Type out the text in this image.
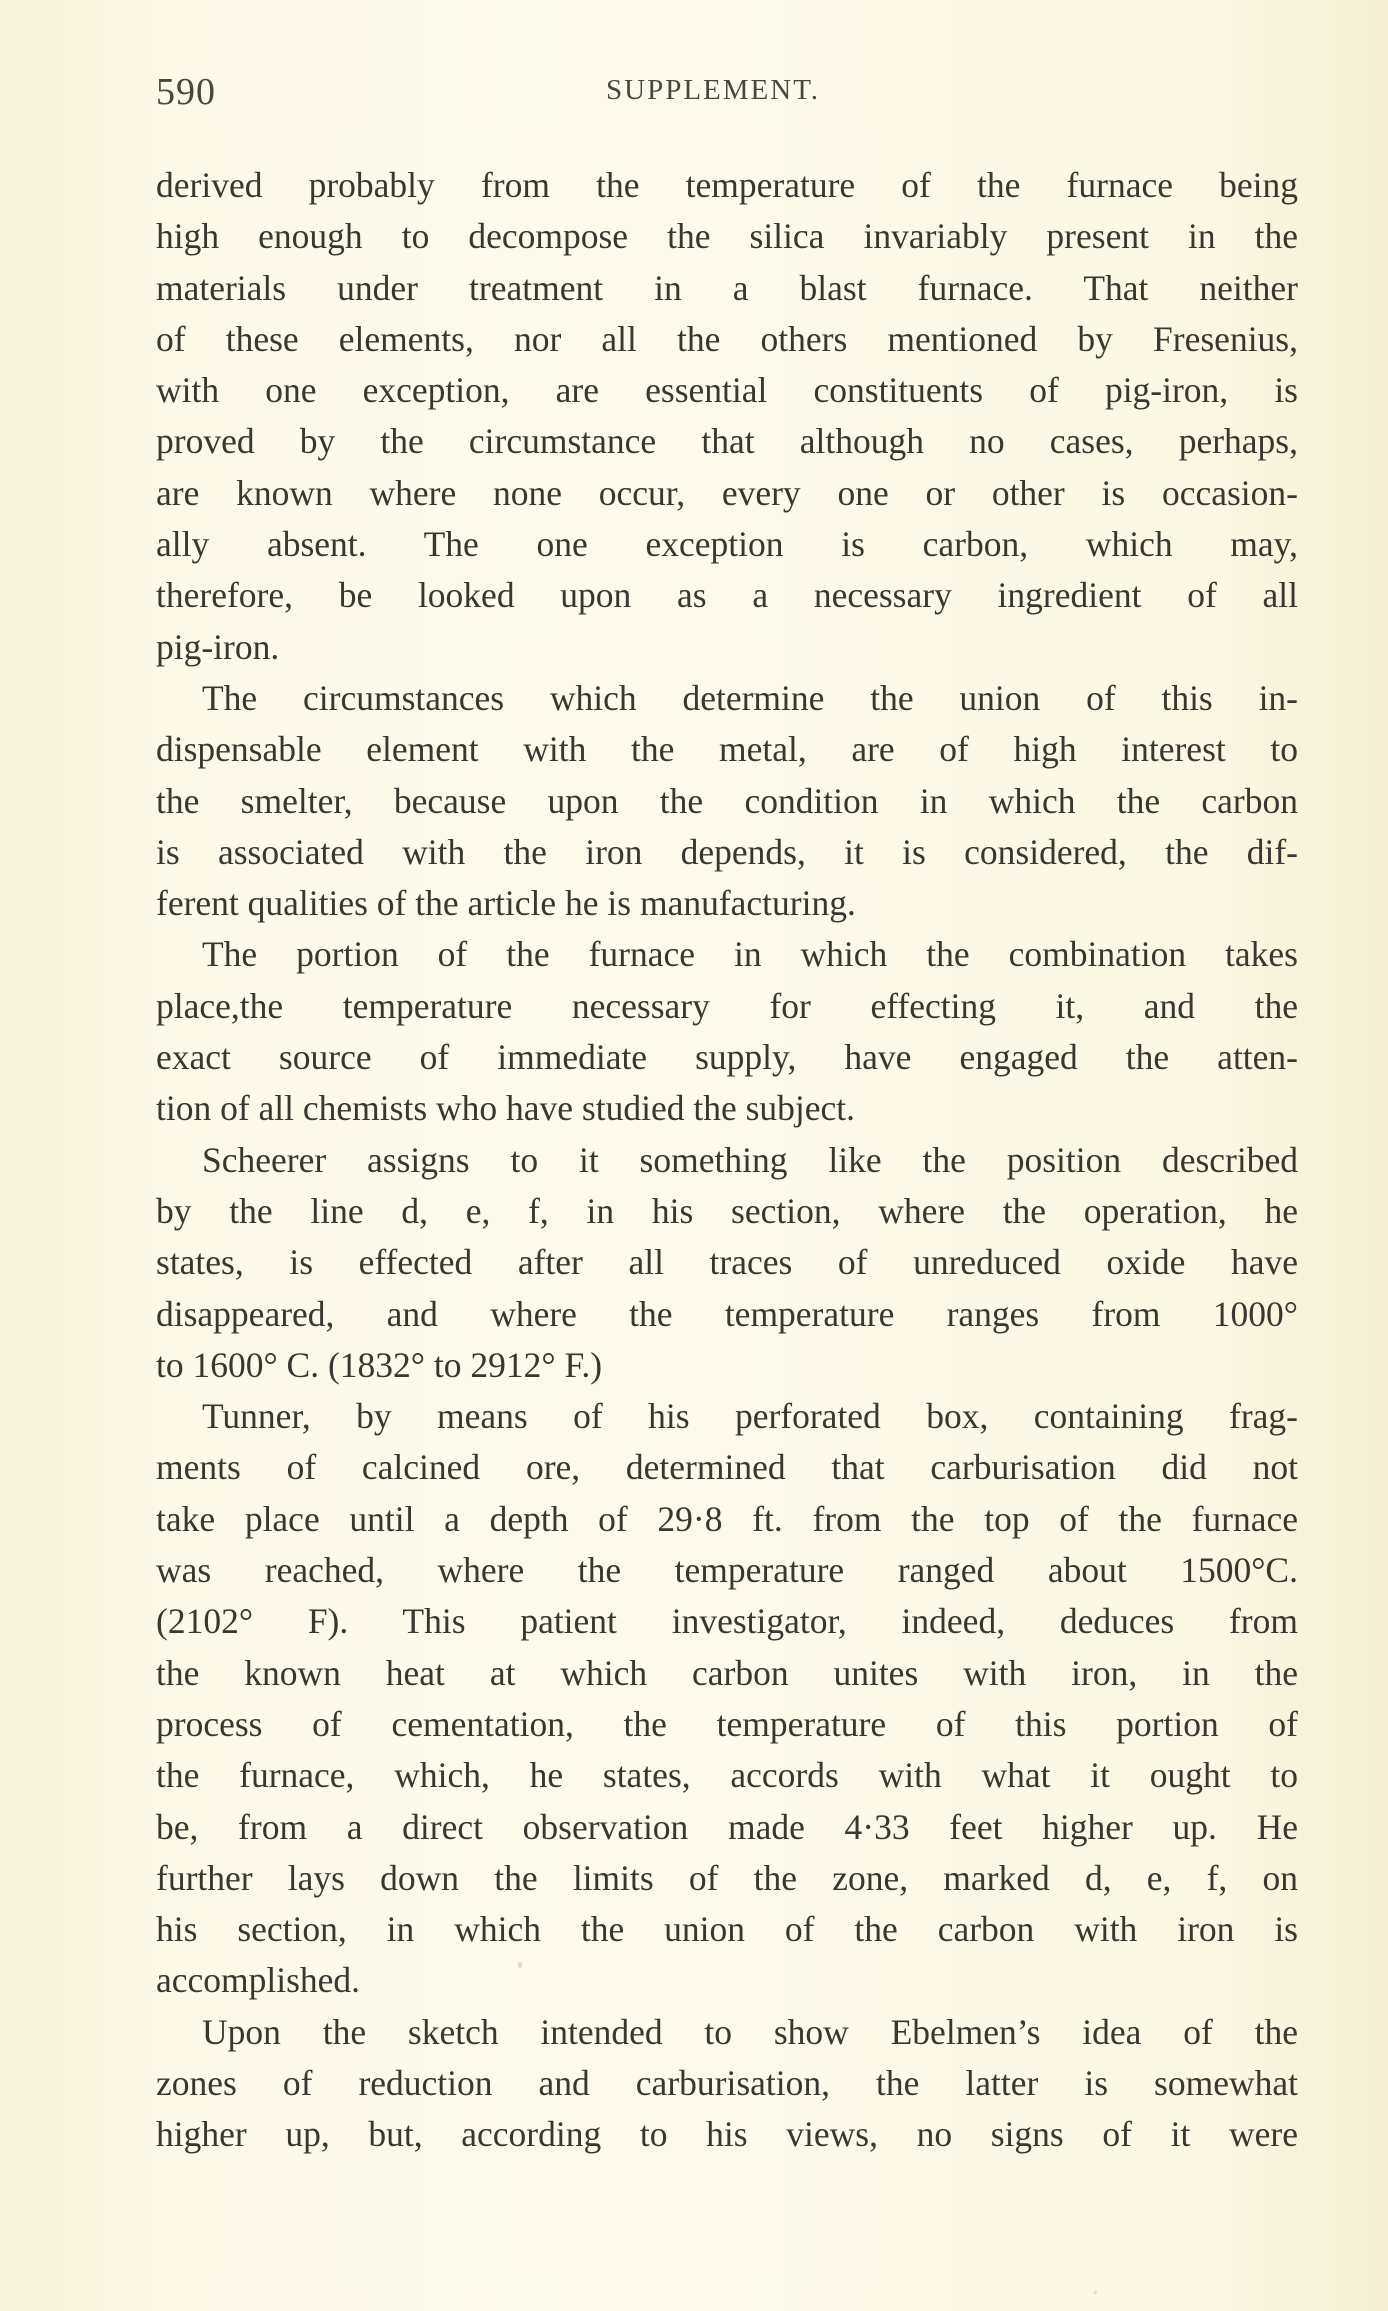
590	SUPPLEMENT.
derived probably from the temperature of the furnace being
high enough to decompose the silica invariably present in the
materials under treatment in a blast furnace. That neither
of these elements, nor all the others mentioned by Fresenius,
with one exception, are essential constituents of pig-iron, is
proved by the circumstance that although no cases, perhaps,
are known where none occur, every one or other is occasion-
ally absent. The one exception is carbon, which may,
therefore, be looked upon as a necessary ingredient of all
pig-iron.
The circumstances which determine the union of this in-
dispensable element with the metal, are of high interest to
the smelter, because upon the condition in which the carbon
is associated with the iron depends, it is considered, the dif-
ferent qualities of the article he is manufacturing.
The portion of the furnace in which the combination takes
place,the temperature necessary for effecting it, and the
exact source of immediate supply, have engaged the atten-
tion of all chemists who have studied the subject.
Scheerer assigns to it something like the position described
by the line d, e, f, in his section, where the operation, he
states, is effected after all traces of unreduced oxide have
disappeared, and where the temperature ranges from 1000°
to 1600° C. (1832° to 2912° F.)
Tunner, by means of his perforated box, containing frag-
ments of calcined ore, determined that carburisation did not
take place until a depth of 29·8 ft. from the top of the furnace
was reached, where the temperature ranged about 1500°C.
(2102° F). This patient investigator, indeed, deduces from
the known heat at which carbon unites with iron, in the
process of cementation, the temperature of this portion of
the furnace, which, he states, accords with what it ought to
be, from a direct observation made 4·33 feet higher up. He
further lays down the limits of the zone, marked d, e, f, on
his section, in which the union of the carbon with iron is
accomplished.
Upon the sketch intended to show Ebelmen’s idea of the
zones of reduction and carburisation, the latter is somewhat
higher up, but, according to his views, no signs of it were
